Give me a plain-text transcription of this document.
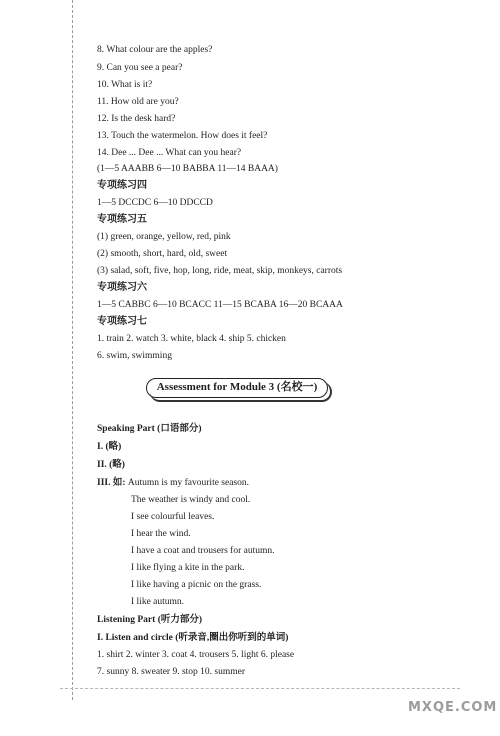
8. What colour are the apples?
9. Can you see a pear?
10. What is it?
11. How old are you?
12. Is the desk hard?
13. Touch the watermelon. How does it feel?
14. Dee ... Dee ... What can you hear?
(1—5 AAABB 6—10 BABBA 11—14 BAAA)
专项练习四
1—5 DCCDC 6—10 DDCCD
专项练习五
(1) green, orange, yellow, red, pink
(2) smooth, short, hard, old, sweet
(3) salad, soft, five, hop, long, ride, meat, skip, monkeys, carrots
专项练习六
1—5 CABBC 6—10 BCACC 11—15 BCABA 16—20 BCAAA
专项练习七
1. train 2. watch 3. white, black 4. ship 5. chicken
6. swim, swimming
Assessment for Module 3 (名校一)
Speaking Part (口语部分)
I. (略)
II. (略)
III. 如: Autumn is my favourite season.
The weather is windy and cool.
I see colourful leaves.
I hear the wind.
I have a coat and trousers for autumn.
I like flying a kite in the park.
I like having a picnic on the grass.
I like autumn.
Listening Part (听力部分)
I. Listen and circle (听录音,圈出你听到的单词)
1. shirt 2. winter 3. coat 4. trousers 5. light 6. please
7. sunny 8. sweater 9. stop 10. summer
MXQE.COM
